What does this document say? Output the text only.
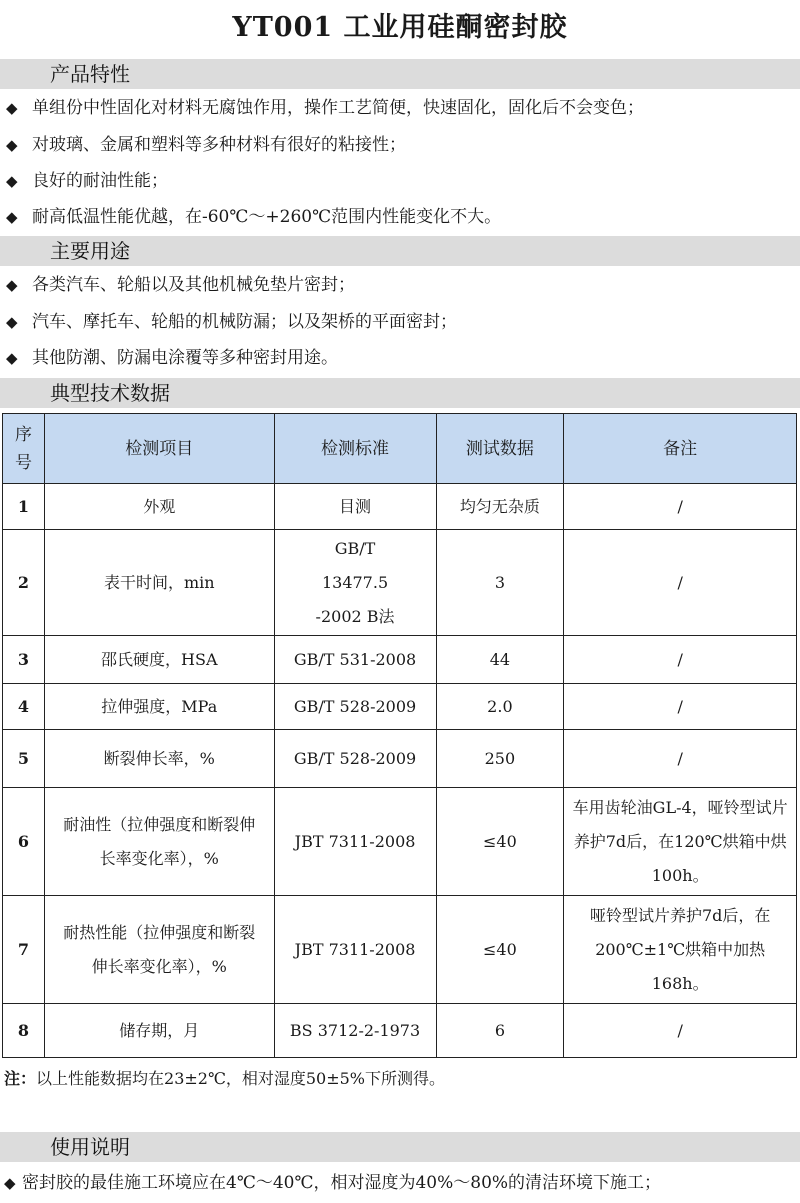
YT001 工业用硅酮密封胶
产品特性
◆ 单组份中性固化对材料无腐蚀作用，操作工艺简便，快速固化，固化后不会变色；
◆ 对玻璃、金属和塑料等多种材料有很好的粘接性；
◆ 良好的耐油性能；
◆ 耐高低温性能优越，在-60℃～+260℃范围内性能变化不大。
主要用途
◆ 各类汽车、轮船以及其他机械免垫片密封；
◆ 汽车、摩托车、轮船的机械防漏；以及架桥的平面密封；
◆ 其他防潮、防漏电涂覆等多种密封用途。
典型技术数据
序号	检测项目	检测标准	测试数据	备注
1	外观	目测	均匀无杂质	/
2	表干时间，min	GB/T 13477.5 -2002 B法	3	/
3	邵氏硬度，HSA	GB/T 531-2008	44	/
4	拉伸强度，MPa	GB/T 528-2009	2.0	/
5	断裂伸长率，%	GB/T 528-2009	250	/
6	耐油性（拉伸强度和断裂伸长率变化率），%	JBT 7311-2008	≤40	车用齿轮油GL-4，哑铃型试片养护7d后，在120℃烘箱中烘100h。
7	耐热性能（拉伸强度和断裂伸长率变化率），%	JBT 7311-2008	≤40	哑铃型试片养护7d后，在200℃±1℃烘箱中加热168h。
8	储存期，月	BS 3712-2-1973	6	/
注：以上性能数据均在23±2℃，相对湿度50±5%下所测得。
使用说明
◆ 密封胶的最佳施工环境应在4℃～40℃，相对湿度为40%～80%的清洁环境下施工；
